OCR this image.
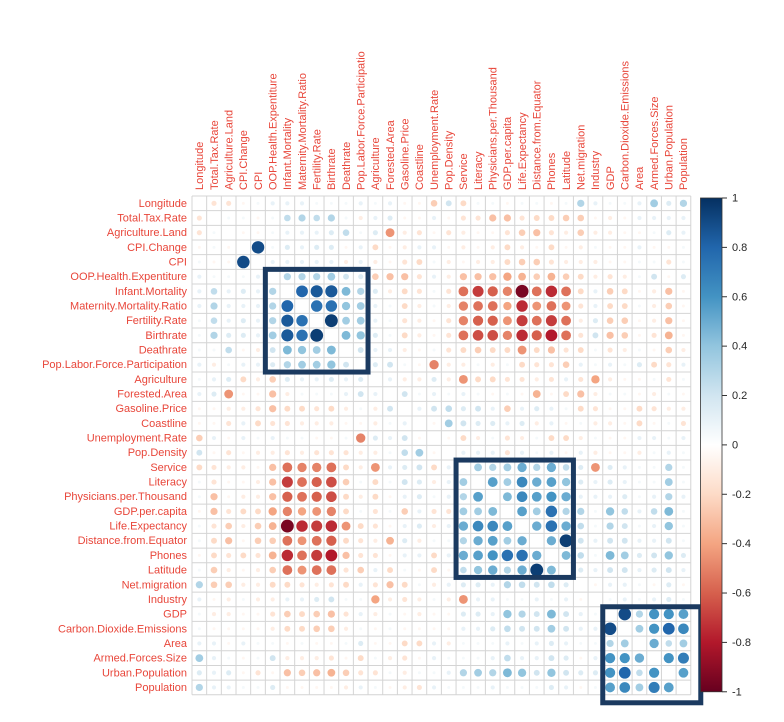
Longitude
Total.Tax.Rate
Agriculture.Land
CPI.Change
CPI
OOP.Health.Expentiture
Infant.Mortality
Maternity.Mortality.Ratio
Fertility.Rate
Birthrate
Deathrate
Pop.Labor.Force.Participation
Agriculture
Forested.Area
Gasoline.Price
Coastline
Unemployment.Rate
Pop.Density
Service
Literacy
Physicians.per.Thousand
GDP.per.capita
Life.Expectancy
Distance.from.Equator
Phones
Latitude
Net.migration
Industry
GDP
Carbon.Dioxide.Emissions
Area
Armed.Forces.Size
Urban.Population
Population
Longitude Total.Tax.Rate Agriculture.Land CPI.Change CPI OOP.Health.Expentiture Infant.Mortality Maternity.Mortality.Ratio Fertility.Rate Birthrate Deathrate Pop.Labor.Force.Participatio Agriculture Forested.Area Gasoline.Price Coastline Unemployment.Rate Pop.Density Service Literacy Physicians.per.Thousand GDP.per.capita Life.Expectancy Distance.from.Equator Phones Latitude Net.migration Industry GDP Carbon.Dioxide.Emissions Area Armed.Forces.Size Urban.Population Population
1
0.8
0.6
0.4
0.2
0
-0.2
-0.4
-0.6
-0.8
-1
